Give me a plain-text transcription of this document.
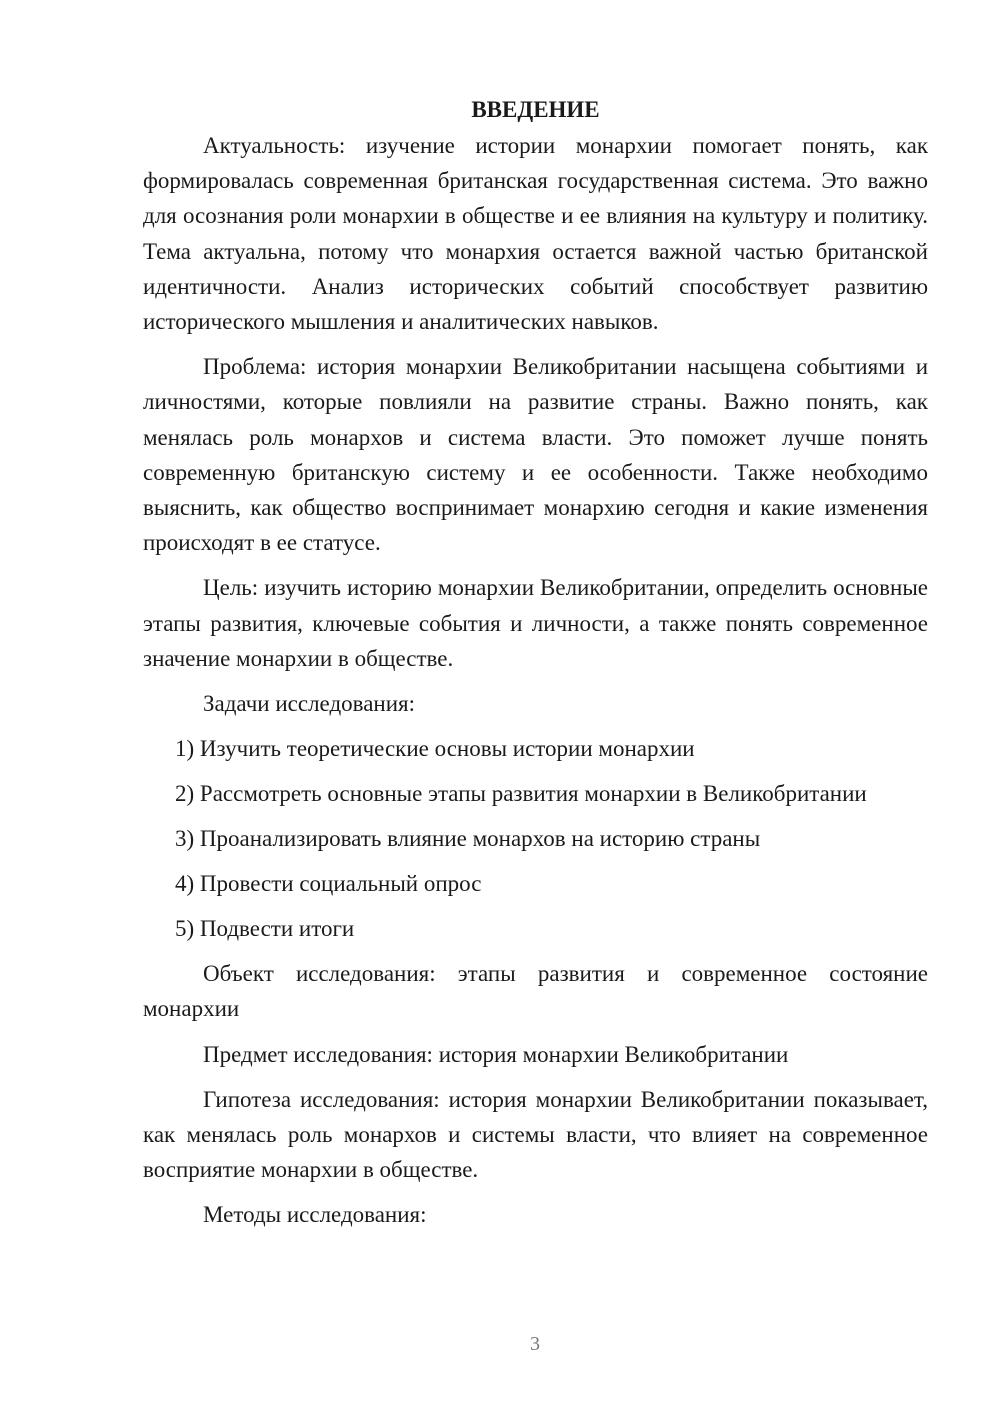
ВВЕДЕНИЕ

Актуальность: изучение истории монархии помогает понять, как формировалась современная британская государственная система. Это важно для осознания роли монархии в обществе и ее влияния на культуру и политику. Тема актуальна, потому что монархия остается важной частью британской идентичности. Анализ исторических событий способствует развитию исторического мышления и аналитических навыков.

Проблема: история монархии Великобритании насыщена событиями и личностями, которые повлияли на развитие страны. Важно понять, как менялась роль монархов и система власти. Это поможет лучше понять современную британскую систему и ее особенности. Также необходимо выяснить, как общество воспринимает монархию сегодня и какие изменения происходят в ее статусе.

Цель: изучить историю монархии Великобритании, определить основные этапы развития, ключевые события и личности, а также понять современное значение монархии в обществе.

Задачи исследования:

1) Изучить теоретические основы истории монархии

2) Рассмотреть основные этапы развития монархии в Великобритании

3) Проанализировать влияние монархов на историю страны

4) Провести социальный опрос

5) Подвести итоги

Объект исследования: этапы развития и современное состояние монархии

Предмет исследования: история монархии Великобритании

Гипотеза исследования: история монархии Великобритании показывает, как менялась роль монархов и системы власти, что влияет на современное восприятие монархии в обществе.

Методы исследования:

3
